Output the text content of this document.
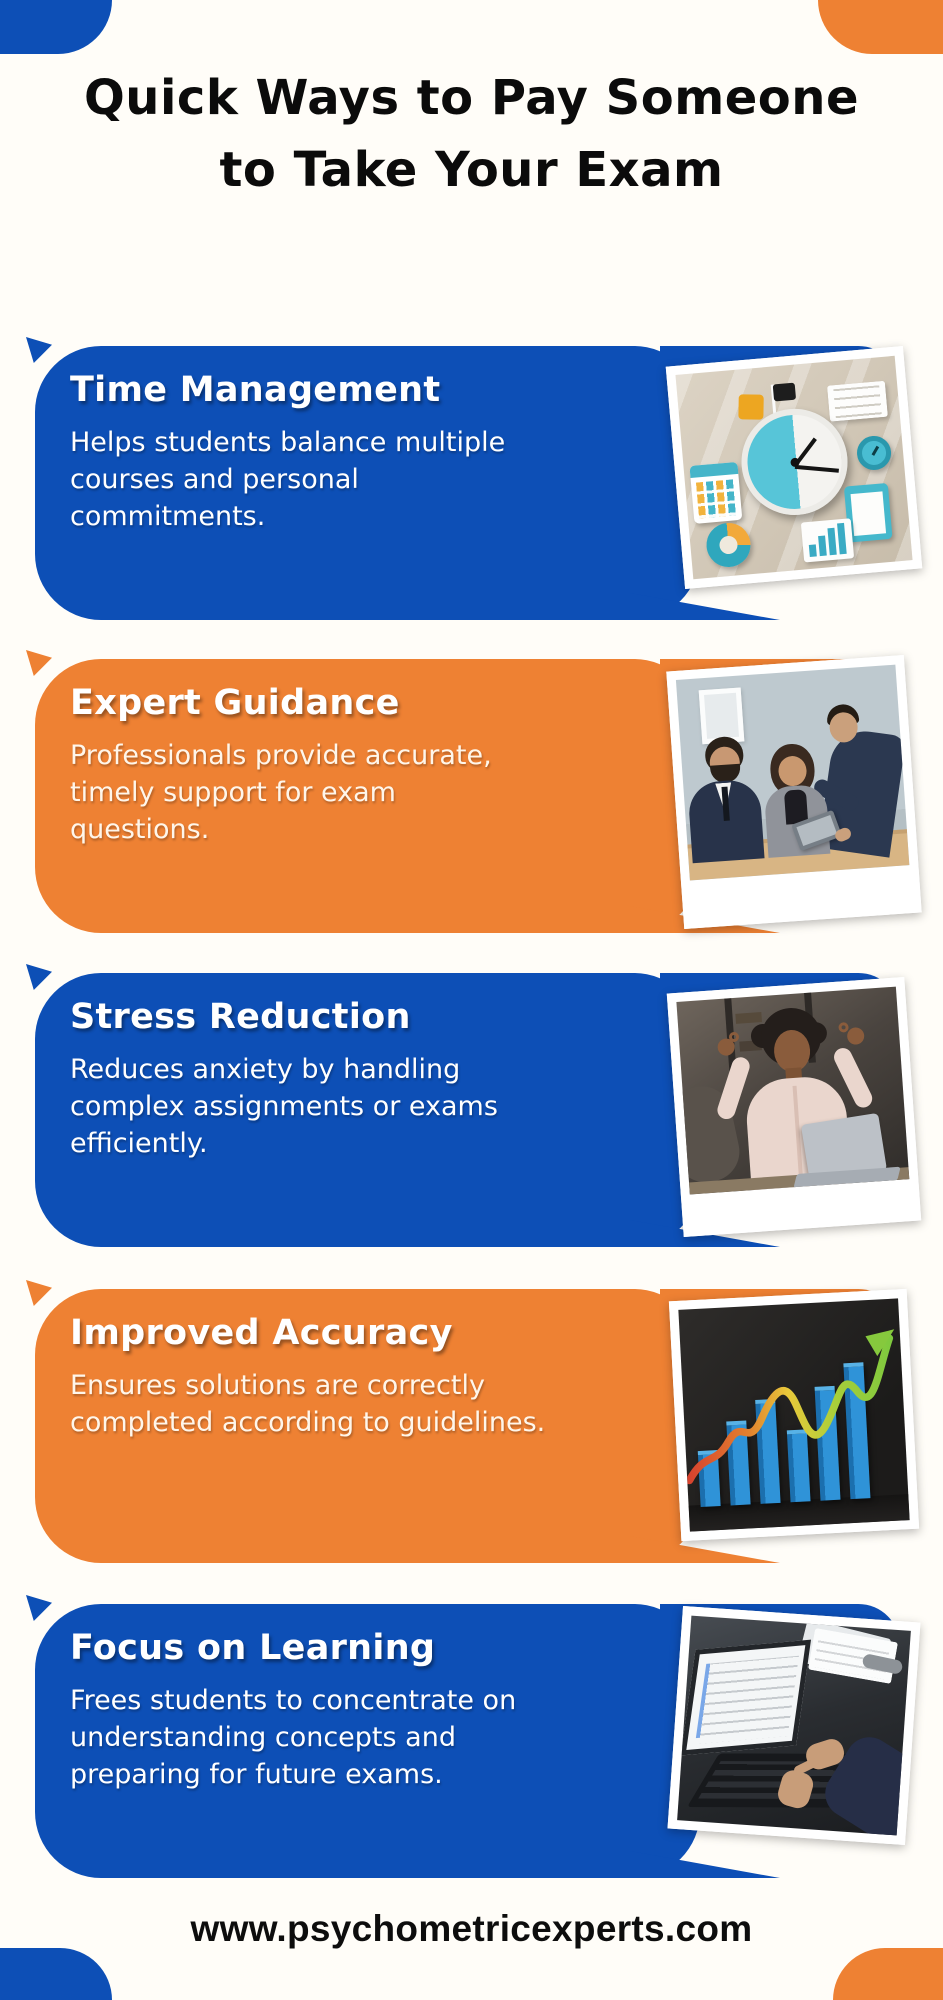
Quick Ways to Pay Someone
to Take Your Exam
Time Management

Helps students balance multiple courses and personal commitments.

Expert Guidance

Professionals provide accurate, timely support for exam questions.

Stress Reduction

Reduces anxiety by handling complex assignments or exams efficiently.

Improved Accuracy

Ensures solutions are correctly completed according to guidelines.

Focus on Learning

Frees students to concentrate on understanding concepts and preparing for future exams.

www.psychometricexperts.com
